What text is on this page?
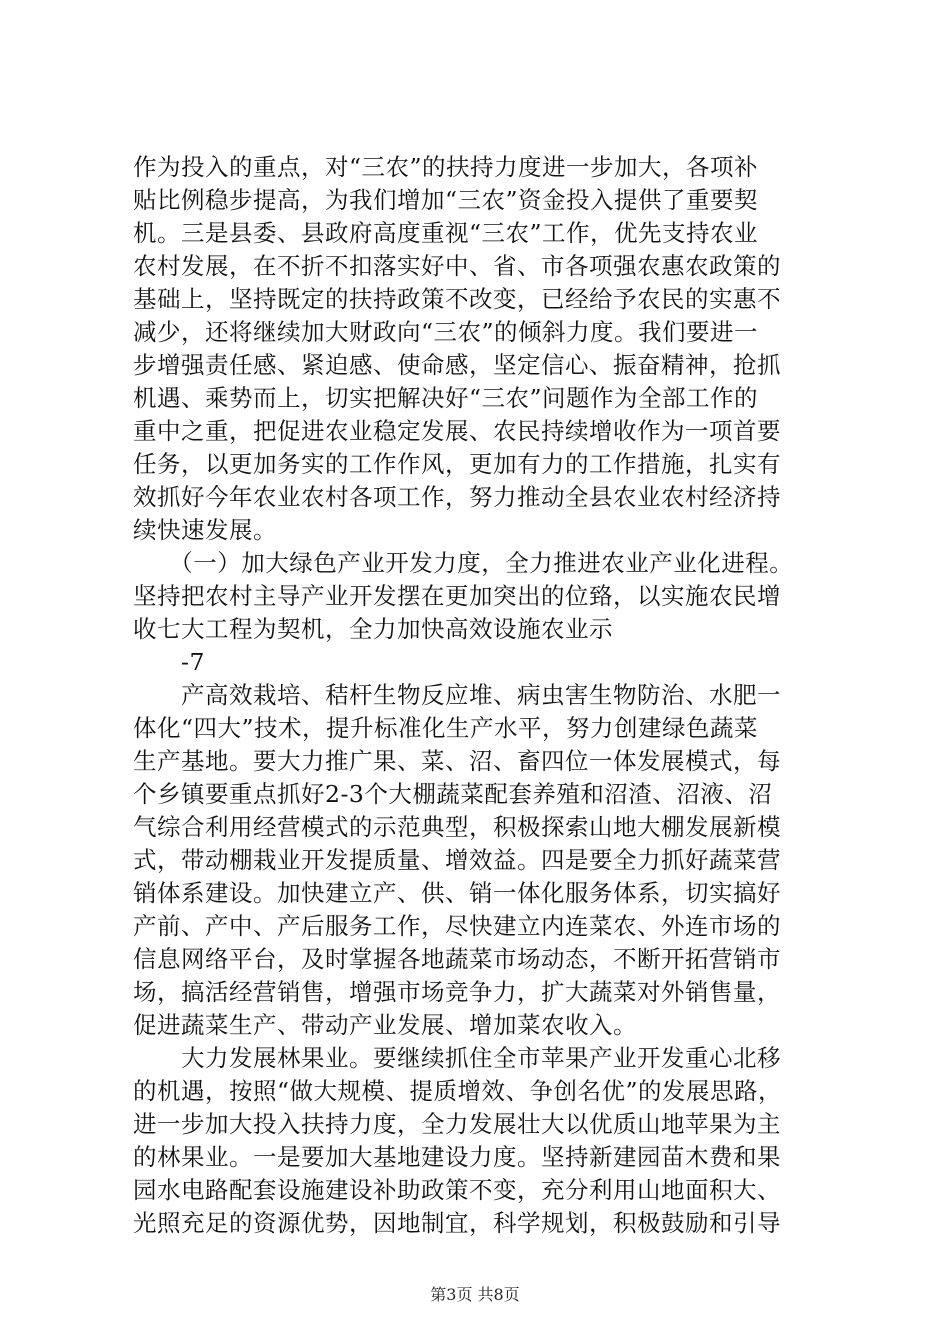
作为投入的重点，对“三农”的扶持力度进一步加大，各项补
贴比例稳步提高，为我们增加“三农”资金投入提供了重要契
机。三是县委、县政府高度重视“三农”工作，优先支持农业
农村发展，在不折不扣落实好中、省、市各项强农惠农政策的
基础上，坚持既定的扶持政策不改变，已经给予农民的实惠不
减少，还将继续加大财政向“三农”的倾斜力度。我们要进一
步增强责任感、紧迫感、使命感，坚定信心、振奋精神，抢抓
机遇、乘势而上，切实把解决好“三农”问题作为全部工作的
重中之重，把促进农业稳定发展、农民持续增收作为一项首要
任务，以更加务实的工作作风，更加有力的工作措施，扎实有
效抓好今年农业农村各项工作，努力推动全县农业农村经济持
续快速发展。
　　（一）加大绿色产业开发力度，全力推进农业产业化进程。
坚持把农村主导产业开发摆在更加突出的位臵，以实施农民增
收七大工程为契机，全力加快高效设施农业示
　　-7
　　产高效栽培、秸杆生物反应堆、病虫害生物防治、水肥一
体化“四大”技术，提升标准化生产水平，努力创建绿色蔬菜
生产基地。要大力推广果、菜、沼、畜四位一体发展模式，每
个乡镇要重点抓好2-3个大棚蔬菜配套养殖和沼渣、沼液、沼
气综合利用经营模式的示范典型，积极探索山地大棚发展新模
式，带动棚栽业开发提质量、增效益。四是要全力抓好蔬菜营
销体系建设。加快建立产、供、销一体化服务体系，切实搞好
产前、产中、产后服务工作，尽快建立内连菜农、外连市场的
信息网络平台，及时掌握各地蔬菜市场动态，不断开拓营销市
场，搞活经营销售，增强市场竞争力，扩大蔬菜对外销售量，
促进蔬菜生产、带动产业发展、增加菜农收入。
　　大力发展林果业。要继续抓住全市苹果产业开发重心北移
的机遇，按照“做大规模、提质增效、争创名优”的发展思路，
进一步加大投入扶持力度，全力发展壮大以优质山地苹果为主
的林果业。一是要加大基地建设力度。坚持新建园苗木费和果
园水电路配套设施建设补助政策不变，充分利用山地面积大、
光照充足的资源优势，因地制宜，科学规划，积极鼓励和引导
第3页 共8页
